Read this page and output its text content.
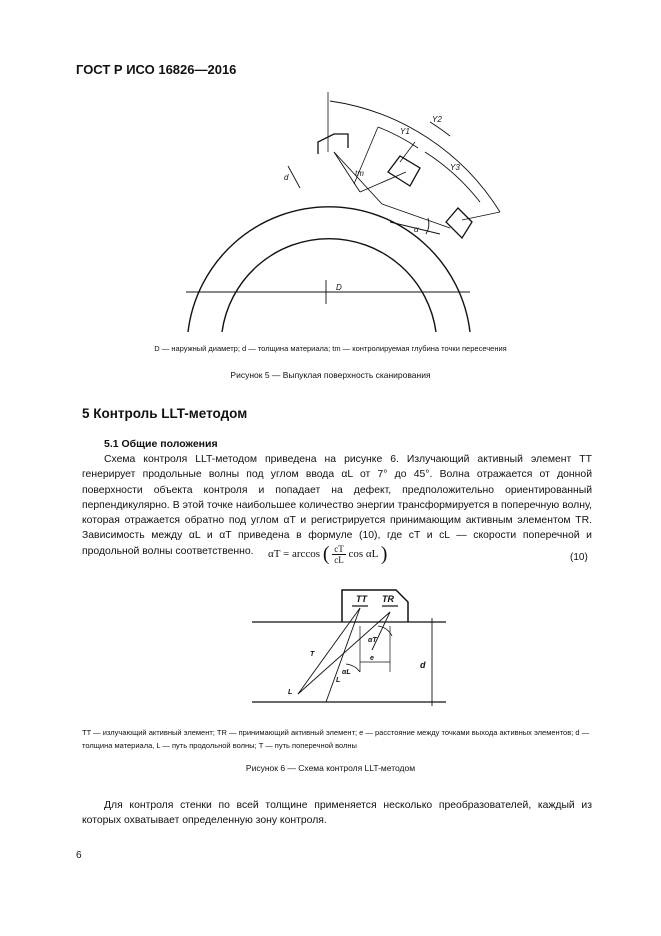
ГОСТ Р ИСО 16826—2016
d	tm
α
Y1
Y2
Y3
D
D — наружный диаметр; d — толщина материала; tm — контролируемая глубина точки пересечения
Рисунок 5 — Выпуклая поверхность сканирования
5 Контроль LLT-методом
5.1 Общие положения
Схема контроля LLT-методом приведена на рисунке 6. Излучающий активный элемент TT генерирует продольные волны под углом ввода αL от 7° до 45°. Волна отражается от донной поверхности объекта контроля и попадает на дефект, предположительно ориентированный перпендикулярно. В этой точке наибольшее количество энергии трансформируется в поперечную волну, которая отражается обратно под углом αT и регистрируется принимающим активным элементом TR. Зависимость между αL и αT приведена в формуле (10), где cT и cL — скорости поперечной и продольной волны соответственно.	αT = arccos ( $\frac{cT}{cL}$ cos αL )	(10)
TT TR
αT
αL
e
d
T
L
L
TT — излучающий активный элемент; TR — принимающий активный элемент; e — расстояние между точками выхода активных элементов; d — толщина материала, L — путь продольной волны; T — путь поперечной волны
Рисунок 6 — Схема контроля LLT-методом
Для контроля стенки по всей толщине применяется несколько преобразователей, каждый из которых охватывает определенную зону контроля.
6
